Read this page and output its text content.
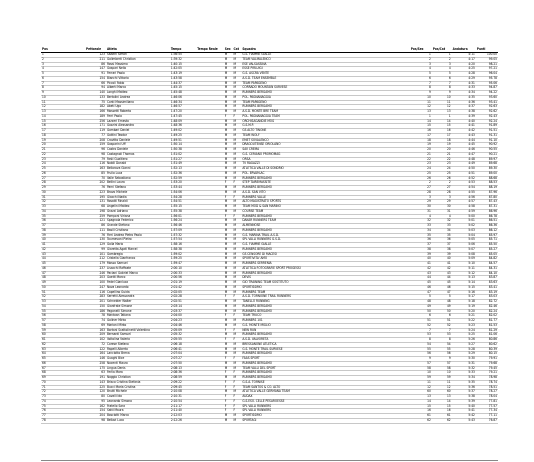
Pos	Pettorale		Atleta	Tempo	Tempo Reale	Sex	Cat	Squadra	Pos/Sex	Pos/Cat	Andatura	Punti
1		123	Sazzini Simon	1:36:55		M	M	G.S. FIAMME GIALLE	1	1	4:11	100.00
2		211	Galimberti Christian	1:39:32		M	M	TEAM VALMALENCO	2	2	4:17	99.05
3		86	Rossi Massimo	1:40:15		M	M	ESE VALSASSINA	3	3	4:20	98.21
4		147	Gaspari Nello	1:42:05		M	M	ESSE PIRLUIGI	4	4	4:25	97.21
5		91	Ferrari Paolo	1:43:19		M	M	G.S. ASCRA VENTE	5	5	4:28	96.04
6		154	Bianchi Vittorio	1:43:58		M	M	A.S.D. TEAM ENSEMBLE	6	6	4:29	95.78
7		66	Piccoli Fabio	1:44:37		M	M	TEAM PAPAGENO	7	7	4:31	95.06
8		94	Alberti Marco	1:45:15		M	M	CORRADO MOUNTAIN SURVESE	8	8	4:33	94.87
9		140	Longhi Matteo	1:45:48		M	M	RUNNERS BERGAMO	9	9	4:34	94.22
10		133	Bertolini Andrea	1:46:06		M	M	POL. PAGNANAGGIA	10	10	4:35	93.60
11		75	Conti Massimiliano	1:46:34		M	M	TEAM PAPAGENO	11	11	4:36	93.41
12		182	Abeti Ugo	1:46:57		M	M	RUNNERS BERGAMO	12	12	4:37	92.63
13		166	Mossetti Roberto	1:47:20		M	M	A.S.D. MONTE BRE TEAM	13	13	4:38	92.62
14		189	Ferri Paola	1:47:45		F	F	POL. PAGNANAGGIA TEAM	1	1	4:39	92.43
15		256	Lazzeri Ernesto	1:48:09		M	M	ORCHISAGANDIE MOG	14	14	4:40	92.24
16		171	Gozzini Alessandro	1:48:36		M	M	G.S.M.P.	15	15	4:41	91.89
17		119	Gambari Daniel	1:49:02		M	M	GS ALTO TINONE	16	16	4:42	91.51
18		77	Gottini Teodor	1:49:25		M	M	TEAM WOLF	17	17	4:43	91.31
19		208	Crovitto Daniele	1:49:51		M	M	EMET SOVALENCO	18	18	4:44	91.10
20		159	Gasparini Uff	1:50:14		M	M	DRAGOUTENSE ORIOLANO	19	19	4:45	90.92
21		96	Castro Daniele	1:50:38		M	M	SAV CREMA	20	20	4:46	90.55
22		98	Castagnoli Thomas	1:51:02		M	M	G.S. CERIANO PROMOMAG	21	21	4:47	90.21
23		79	Fasti Gualtiero	1:51:27		M	M	ORSA	22	22	4:48	89.97
24		116	Nobili Donald	1:51:49		M	M	TV RAGAZZI	23	23	4:49	89.68
25		163	Bellorova Gianni	1:52:13		M	M	ATLETICA VALLE DI SONDRIO	24	24	4:50	89.30
26		85	Frullo Luca	1:52:36		M	M	POL. ERVAM-AC	25	25	4:51	89.00
27		70	Valle Sebastiano	1:52:59		M	M	RUNNERS BERGAMO	26	26	4:52	88.68
28		202	Bellini Laura	1:53:20		F	F	STEP TAIREMASSITE	2	2	4:53	88.53
29		76	Parni Stefano	1:53:44		M	M	RUNNERS BERGAMO	27	27	4:54	88.19
30		223	Bravo Michele	1:54:06		M	M	A.S.D. SAN VITO	28	28	4:55	87.96
31		195	Giacchi Nadia	1:54:28		F	F	RUNNERS VALLE	3	3	4:56	87.80
32		131	Rosatti Rinaldi	1:54:51		M	M	ALTO MAGISTRATO SPORTS	29	29	4:57	87.43
33		68	Angelini Matteo	1:55:15		M	M	TEAM MOD & SAN MARINO	30	30	4:58	87.31
34		198	Grazzi Adriano	1:55:38		M	M	COURSE TEAM	31	31	4:59	86.96
35		259	Pomponi Viriana	1:56:01		F	F	RUNNERS BERGAMO	4	4	5:00	86.78
36		121	Spagnola Federico	1:56:24		M	M	DAKAR RUNNERS TEAM	32	32	5:01	86.51
37		86	Grande Stefano	1:56:46		M	M	ALMENNOSE	33	33	5:02	86.36
38		111	Basili Cristiano	1:57:09		M	M	RUNNERS BERGAMO	34	34	5:03	86.12
39		76	Fieri Andrea Pietro Paolo	1:57:32		M	M	G.S. MARINA TRAIL A.S.D.	35	35	5:04	85.97
40		130	Tournevani Pietro	1:57:54		M	M	SPL VALLI RUNNERS G.S.D.	36	36	5:05	85.71
41		129	Galla Mario	1:58:16		M	M	G.S. FIAMME GIALLE	37	37	5:06	85.50
42		99	Giaretta Agati Marcel	1:58:38		M	M	RUNNERS BERGAMO	38	38	5:07	85.27
43		101	Gambregia	1:59:02		M	M	GS CENSORE DI MACESI	39	39	5:08	85.05
44		212	Cristella Gianfranco	1:59:25		M	M	SPORTIVITA' AMO	40	40	5:09	84.82
45		179	Mossa Samuel	1:59:47		M	M	RUNNERS SERRENIA	41	41	5:10	84.57
46		237	Lisacchi Raffaele	2:00:10		M	M	ATLETICA FOTOGRAFIE SPORT PROGESSI	42	42	5:11	84.31
47		246	Paciani Gabriel Marco	2:00:33		M	M	RUNNERS BERGAMO	43	43	5:12	84.10
48		203	Gaetti Marco	2:00:56		M	M	DEVIS	44	44	5:13	83.87
49		100	Fedel Gianluca	2:01:19		M	M	GIO TRAINING TEAM SOSTITUTO	45	45	5:14	83.63
50		247	Nava Leonardo	2:01:42		M	M	SPORTISSIMO	46	46	5:15	83.41
51		116	Capellino Guida	2:02:05		M	M	RUNNERS TEAM	47	47	5:16	83.19
52		283	Serretti Alessandra	2:02:28		F	F	A.S.D. TORNIONE TRAIL RUNNERS	5	5	5:17	83.03
53		201	Schneider Walter	2:02:51		M	M	TANELLO RUNNING	48	48	5:18	82.72
54		150	Gianfrate Simone	2:03:14		M	M	RUNNERS BERGAMO	49	49	5:19	82.46
55		186	Paganelli Simone	2:03:37		M	M	RUNNERS BERGAMO	50	50	5:20	82.24
56		78	Mantoan Tatiana	2:04:00		F	F	TEAM TRUCO	6	6	5:21	82.02
57		74	Gollner Mirko	2:04:23		M	M	RUNNERS 101	51	51	5:22	81.77
58		69	Mariani Mirko	2:04:46		M	M	G.S. MONTE MIGLIO	52	52	5:23	81.53
59		163	Bortani Scattolinetti Valentina	2:05:09		F	F	NEW RUN	7	7	5:24	81.29
60		209	Bernardi Samuel	2:05:32		M	M	RUNNERS BERGAMO	53	53	5:25	81.06
61		102	Voltolina Valeria	2:05:55		F	F	A.S.D. VALVORETA	8	8	5:26	80.86
62		72	Corese Stefano	2:06:18		M	M	BRESSANONE ATLETICA	54	54	5:27	80.62
63		122	Rapelli Alberto	2:06:41		M	M	G.S. MONTE TRAIL SURVESE	55	55	5:28	80.39
64		164	Lanciotto Brena	2:07:04		M	M	RUNNERS BERGAMO	56	56	5:29	80.15
65		146	Guaghi Bice	2:07:27		F	F	FAAS SPORT	9	9	5:30	79.91
66		258	Nocenti Mauro	2:07:50		M	M	RUNNERS BERGAMO	57	57	5:31	79.68
67		175	Lingua Denis	2:08:13		M	M	TEAM VALLI DEL SPORT	58	58	5:32	79.45
68		63	Ferlia Mara	2:08:36		F	F	RUNNERS BERGAMO	10	10	5:33	79.21
69		191	Naggio Christian	2:08:59		M	M	RUNNERS BERGAMO	59	59	5:34	78.98
70		143	Brisco Cristina Stefania	2:09:22		F	F	G.S.A. TORNISE	11	11	5:35	78.74
71		225	Bucci Maria Cristina	2:09:45		F	F	TEAM SANTOS & CO. ALTO	12	12	5:36	78.51
72		120	Brutti Michele	2:10:08		M	M	ATLETICA VALLE GERMANA TEAM	60	60	5:37	78.27
73		80	Cavalli Ida	2:10:31		F	F	AUDAX	13	13	5:38	78.04
74		95	Leonardo Simona	2:10:54		F	F	G.S.ESO. CELLE PESAROESSE	14	14	5:39	77.81
75		162	Fratello Sara	2:11:17		F	F	SPL VALLI RUNNERS	15	15	5:40	77.57
76		154	Satti Maura	2:11:40		F	F	SPL VALLI RUNNERS	16	16	5:41	77.34
77		204	Bosciotti Marco	2:12:03		M	M	SPORTISSIMO	61	61	5:42	77.11
78		98	Bellazi Luca	2:12:26		M	M	SPORTAGI	62	62	5:43	76.87
